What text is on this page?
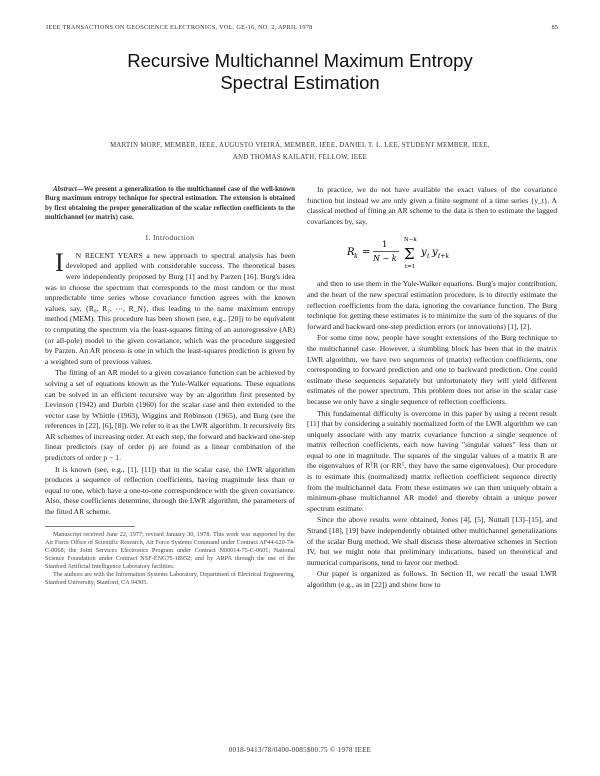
IEEE TRANSACTIONS ON GEOSCIENCE ELECTRONICS, VOL. GE-16, NO. 2, APRIL 1978	85
Recursive Multichannel Maximum Entropy
Spectral Estimation
MARTIN MORF, MEMBER, IEEE, AUGUSTO VIEIRA, MEMBER, IEEE, DANIEL T. L. LEE, STUDENT MEMBER, IEEE,
AND THOMAS KAILATH, FELLOW, IEEE

Abstract—We present a generalization to the multichannel case of the well-known Burg maximum entropy technique for spectral estimation. The extension is obtained by first obtaining the proper generalization of the scalar reflection coefficients to the multichannel (or matrix) case.

I. Introduction

IN RECENT YEARS a new approach to spectral analysis has been developed and applied with considerable success. The theoretical bases were independently proposed by Burg [1] and by Parzen [16]. Burg's idea was to choose the spectrum that corresponds to the most random or the most unpredictable time series whose covariance function agrees with the known values, say, {R₀, R₁, ⋯, R_N}, thus leading to the name maximum entropy method (MEM). This procedure has been shown (see, e.g., [20]) to be equivalent to computing the spectrum via the least-squares fitting of an autoregressive (AR) (or all-pole) model to the given covariance, which was the procedure suggested by Parzen. An AR process is one in which the least-squares prediction is given by a weighted sum of previous values.

The fitting of an AR model to a given covariance function can be achieved by solving a set of equations known as the Yule-Walker equations. These equations can be solved in an efficient recursive way by an algorithm first presented by Levinson (1942) and Durbin (1960) for the scalar case and then extended to the vector case by Whittle (1963), Wiggins and Robinson (1965), and Burg (see the references in [22], [6], [8]). We refer to it as the LWR algorithm. It recursively fits AR schemes of increasing order. At each step, the forward and backward one-step linear predictors (say of order p) are found as a linear combination of the predictors of order p − 1.

It is known (see, e.g., [1], [11]) that in the scalar case, the LWR algorithm produces a sequence of reflection coefficients, having magnitude less than or equal to one, which have a one-to-one correspondence with the given covariance. Also, these coefficients determine, through the LWR algorithm, the parameters of the fitted AR scheme.

Manuscript received June 22, 1977; revised January 30, 1978. This work was supported by the Air Force Office of Scientific Research, Air Force Systems Command under Contract AF44-620-74-C-0068; the Joint Services Electronics Program under Contract N00014-75-C-0601; National Science Foundation under Contract NSF-ENG75-18952; and by ARPA through the use of the Stanford Artificial Intelligence Laboratory facilities.

The authors are with the Information Systems Laboratory, Department of Electrical Engineering, Stanford University, Stanford, CA 94305.

In practice, we do not have available the exact values of the covariance function but instead we are only given a finite segment of a time series {y_t}. A classical method of fitting an AR scheme to the data is then to estimate the lagged covariances by, say,

R k =
1
N − k
N−k
Σ
t=1
y t y t+k

and then to use them in the Yule-Walker equations. Burg's major contribution, and the heart of the new spectral estimation procedure, is to directly estimate the reflection coefficients from the data, ignoring the covariance function. The Burg technique for getting these estimates is to minimize the sum of the squares of the forward and backward one-step prediction errors (or innovations) [1], [2].

For some time now, people have sought extensions of the Burg technique to the multichannel case. However, a stumbling block has been that in the matrix LWR algorithm, we have two sequences of (matrix) reflection coefficients, one corresponding to forward prediction and one to backward prediction. One could estimate these sequences separately but unfortunately they will yield different estimates of the power spectrum. This problem does not arise in the scalar case because we only have a single sequence of reflection coefficients.

This fundamental difficulty is overcome in this paper by using a recent result [11] that by considering a suitably normalized form of the LWR algorithm we can uniquely associate with any matrix covariance function a single sequence of matrix reflection coefficients, each now having "singular values" less than or equal to one in magnitude. The squares of the singular values of a matrix R are the eigenvalues of RᵀR (or RRᵀ, they have the same eigenvalues). Our procedure is to estimate this (normalized) matrix reflection coefficient sequence directly from the multichannel data. From these estimates we can then uniquely obtain a minimum-phase multichannel AR model and thereby obtain a unique power spectrum estimate.

Since the above results were obtained, Jones [4], [5], Nuttall [13]–[15], and Strand [18], [19] have independently obtained other multichannel generalizations of the scalar Burg method. We shall discuss these alternative schemes in Section IV, but we might note that preliminary indications, based on theoretical and numerical comparisons, tend to favor our method.

Our paper is organized as follows. In Section II, we recall the usual LWR algorithm (e.g., as in [22]) and show how to

0018-9413/78/0400-0085$00.75 © 1978 IEEE
